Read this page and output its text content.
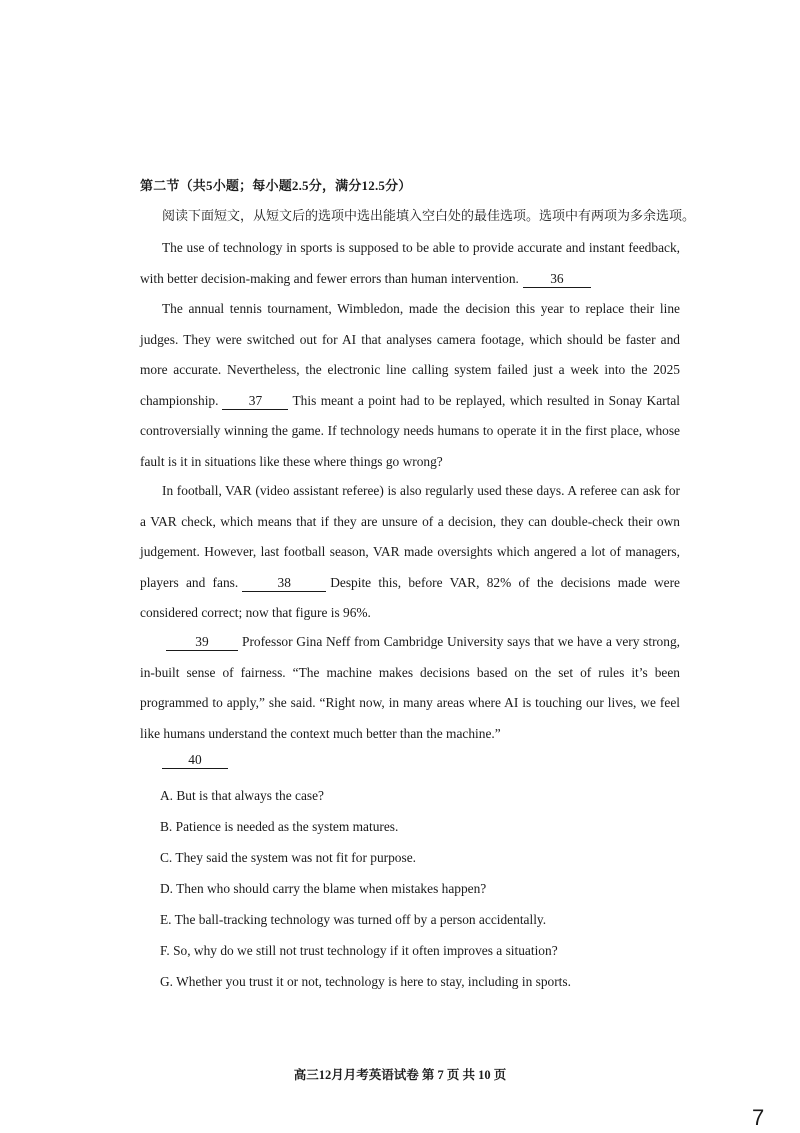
第二节（共5小题；每小题2.5分，满分12.5分）
阅读下面短文，从短文后的选项中选出能填入空白处的最佳选项。选项中有两项为多余选项。

The use of technology in sports is supposed to be able to provide accurate and instant feedback, with better decision-making and fewer errors than human intervention. 36

The annual tennis tournament, Wimbledon, made the decision this year to replace their line judges. They were switched out for AI that analyses camera footage, which should be faster and more accurate. Nevertheless, the electronic line calling system failed just a week into the 2025 championship. 37 This meant a point had to be replayed, which resulted in Sonay Kartal controversially winning the game. If technology needs humans to operate it in the first place, whose fault is it in situations like these where things go wrong?

In football, VAR (video assistant referee) is also regularly used these days. A referee can ask for a VAR check, which means that if they are unsure of a decision, they can double-check their own judgement. However, last football season, VAR made oversights which angered a lot of managers, players and fans.	38	Despite this, before VAR, 82% of the decisions made were considered correct; now that figure is 96%.

39 Professor Gina Neff from Cambridge University says that we have a very strong, in-built sense of fairness. “The machine makes decisions based on the set of rules it’s been programmed to apply,” she said. “Right now, in many areas where AI is touching our lives, we feel like humans understand the context much better than the machine.”

40
A. But is that always the case?
B. Patience is needed as the system matures.
C. They said the system was not fit for purpose.
D. Then who should carry the blame when mistakes happen?
E. The ball-tracking technology was turned off by a person accidentally.
F. So, why do we still not trust technology if it often improves a situation?
G. Whether you trust it or not, technology is here to stay, including in sports.
高三12月月考英语试卷 第 7 页 共 10 页
7
